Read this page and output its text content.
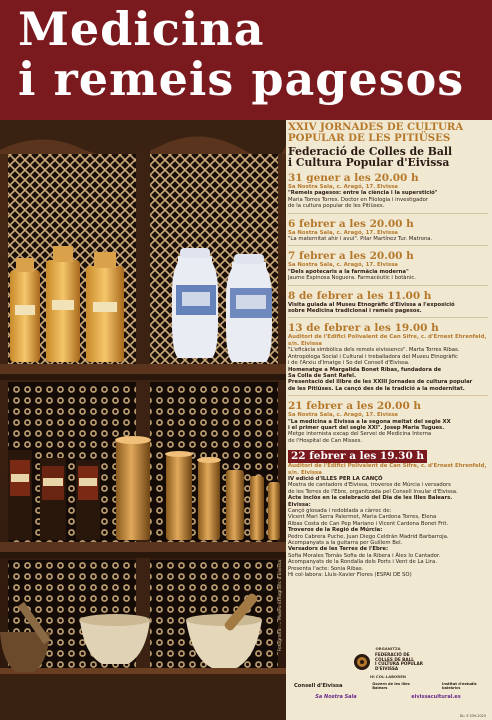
Medicina
i remeis pagesos
Fotografia: ... Museu Etnogràfic d'Eivissa
XXIV JORNADES DE CULTURA
POPULAR DE LES PITIÜSES
Federació de Colles de Ball
i Cultura Popular d'Eivissa
31 gener a les 20.00 h
Sa Nostra Sala, c. Aragó, 17. Eivissa
"Remeis pagesos: entre la ciència i la superstició"
Maria Torres Torres. Doctor en Filologia i investigador
de la cultura popular de les Pitiüses.
6 febrer a les 20.00 h
Sa Nostra Sala, c. Aragó, 17. Eivissa
"La maternitat ahir i avui". Pilar Martínez Tur. Matrona.
7 febrer a les 20.00 h
Sa Nostra Sala, c. Aragó, 17. Eivissa
"Dels apotecaris a la farmàcia moderna"
Jaume Espinosa Noguera. Farmacèutic i botànic.
8 de febrer a les 11.00 h
Visita guiada al Museu Etnogràfic d'Eivissa a l'exposició
sobre Medicina tradicional i remeis pagesos.
13 de febrer a les 19.00 h
Auditori de l'Edifici Polivalent de Can Sifre, c. d'Ernest Ehrenfeld, s/n. Eivissa
"L'eficàcia simbòlica dels remeis eivissencs". Marta Torres Ribas.
Antropòloga Social i Cultural i treballadora del Museu Etnogràfic
i de l'Arxiu d'Imatge i So del Consell d'Eivissa.
Homenatge a Margalida Bonet Ribas, fundadora de
Sa Colla de Sant Rafel.
Presentació del llibre de les XXIII Jornades de cultura popular
de les Pitiüses. La cançó des de la tradició a la modernitat.
21 febrer a les 20.00 h
Sa Nostra Sala, c. Aragó, 17. Eivissa
"La medicina a Eivissa a la segona meitat del segle XX
i el primer quart del segle XXI". Josep Maria Tugues.
Metge internista excap del Servei de Medicina Interna
de l'Hospital de Can Misses.
22 febrer a les 19.30 h
Auditori de l'Edifici Polivalent de Can Sifre, c. d'Ernest Ehrenfeld, s/n. Eivissa
IV edició d'ILLES PER LA CANÇÓ
Mostra de cantadors d'Eivissa, troveros de Múrcia i versadors
de les Terres de l'Ebre, organitzada pel Consell Insular d'Eivissa.
Acte inclòs en la celebració del Dia de les Illes Balears.
Eivissa:
Cançó glosada i redoblada a càrrec de:
Vicent Mari Serra Palermet, Maria Cardona Torres, Elena
Ribas Costa de Can Pep Mariano i Vicent Cardona Bonet Frit.
Troveros de la Regió de Múrcia:
Pedro Cabrera Puche, Juan Diego Celdrán Madrid Barbarroja.
Acompanyats a la guitarra per Guillem Bel.
Versadors de les Terres de l'Ebre:
Sofia Morales Tomàs Sofia de la Ribera i Àlex lo Cantador.
Acompanyats de la Rondalla dels Ports i Vent de La Lira.
Presenta l'acte: Sonia Ribas.
Hi col·labora: Lluís-Xavier Flores (ESPAI DE SO)
ORGANITZA
FEDERACIÓ DE
COLLES DE BALL
I CULTURA POPULAR
D'EIVISSA
HI COL·LABOREN
Consell d'Eivissa	Govern de les Illes Balears
Institut d'estudis baleàrics
Sa Nostra Sala	eivissacultural.es
DL: E 559-2025
